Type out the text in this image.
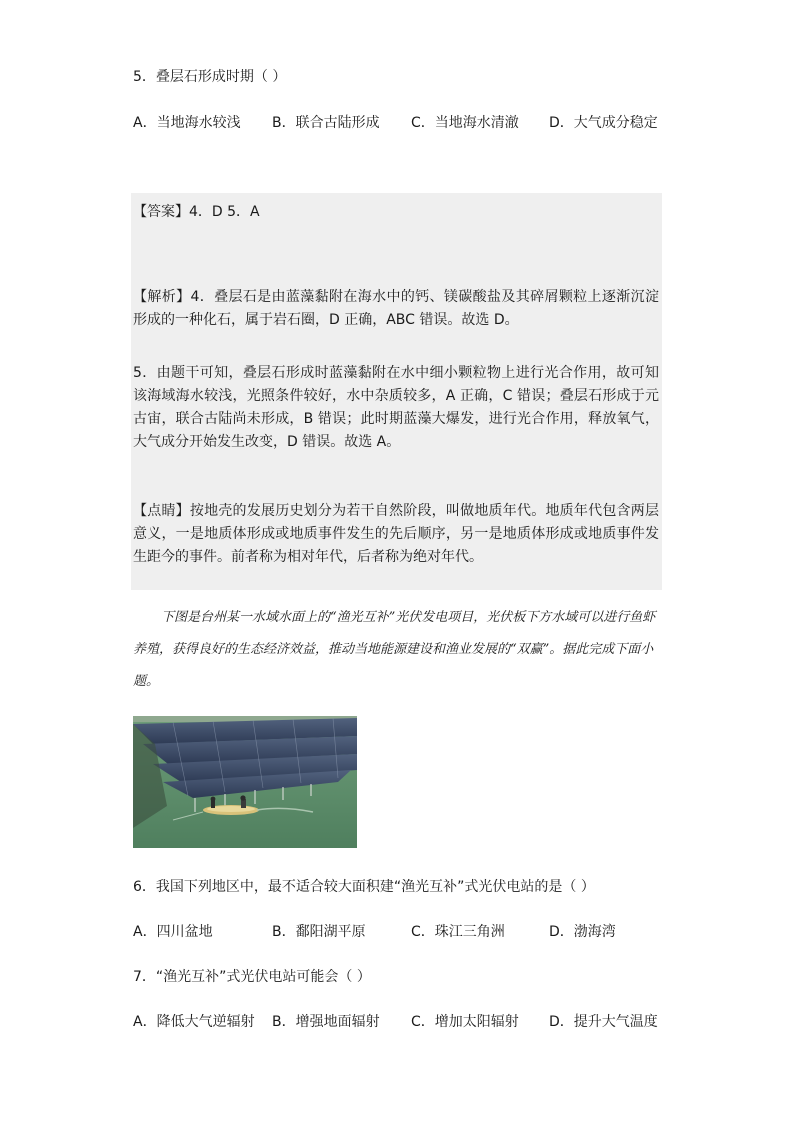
5．叠层石形成时期（ ）
A．当地海水较浅 B．联合古陆形成 C．当地海水清澈 D．大气成分稳定
【答案】4．D 5．A
【解析】4．叠层石是由蓝藻黏附在海水中的钙、镁碳酸盐及其碎屑颗粒上逐渐沉淀形成的一种化石，属于岩石圈，D 正确，ABC 错误。故选 D。
5．由题干可知，叠层石形成时蓝藻黏附在水中细小颗粒物上进行光合作用，故可知该海域海水较浅，光照条件较好，水中杂质较多，A 正确，C 错误；叠层石形成于元古宙，联合古陆尚未形成，B 错误；此时期蓝藻大爆发，进行光合作用，释放氧气，大气成分开始发生改变，D 错误。故选 A。
【点睛】按地壳的发展历史划分为若干自然阶段，叫做地质年代。地质年代包含两层意义，一是地质体形成或地质事件发生的先后顺序，另一是地质体形成或地质事件发生距今的事件。前者称为相对年代，后者称为绝对年代。
下图是台州某一水域水面上的“渔光互补”光伏发电项目，光伏板下方水域可以进行鱼虾养殖，获得良好的生态经济效益，推动当地能源建设和渔业发展的“双赢”。据此完成下面小题。
6．我国下列地区中，最不适合较大面积建“渔光互补”式光伏电站的是（ ）
A．四川盆地	B．鄱阳湖平原	C．珠江三角洲	D．渤海湾
7．“渔光互补”式光伏电站可能会（ ）
A．降低大气逆辐射 B．增强地面辐射 C．增加太阳辐射 D．提升大气温度
